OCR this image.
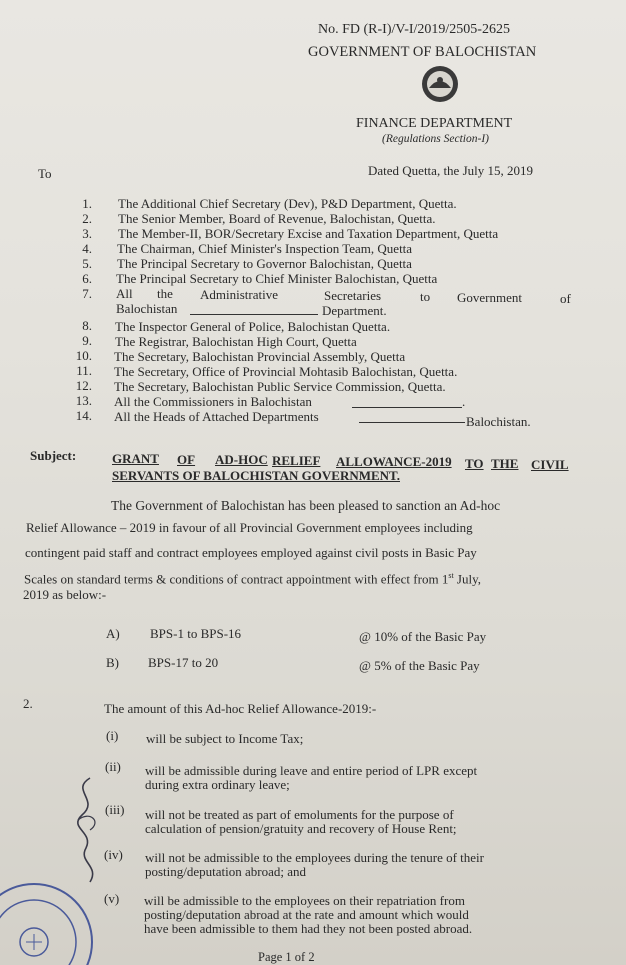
No. FD (R-I)/V-I/2019/2505-2625
GOVERNMENT OF BALOCHISTAN
FINANCE DEPARTMENT
(Regulations Section-I)
To	Dated Quetta, the July 15, 2019
1. The Additional Chief Secretary (Dev), P&D Department, Quetta.
2. The Senior Member, Board of Revenue, Balochistan, Quetta.
3. The Member-II, BOR/Secretary Excise and Taxation Department, Quetta
4. The Chairman, Chief Minister's Inspection Team, Quetta
5. The Principal Secretary to Governor Balochistan, Quetta
6. The Principal Secretary to Chief Minister Balochistan, Quetta
7. All the Administrative	Secretaries	to Government	of
Balochistan	Department.
8. The Inspector General of Police, Balochistan Quetta.
9. The Registrar, Balochistan High Court, Quetta
10. The Secretary, Balochistan Provincial Assembly, Quetta
11. The Secretary, Office of Provincial Mohtasib Balochistan, Quetta.
12. The Secretary, Balochistan Public Service Commission, Quetta.
13. All the Commissioners in Balochistan	.
14. All the Heads of Attached Departments	Balochistan.
Subject:	GRANT OF AD-HOC RELIEF ALLOWANCE-2019 TO THE CIVIL
SERVANTS OF BALOCHISTAN GOVERNMENT.
The Government of Balochistan has been pleased to sanction an Ad-hoc
Relief Allowance – 2019 in favour of all Provincial Government employees including
contingent paid staff and contract employees employed against civil posts in Basic Pay
Scales on standard terms & conditions of contract appointment with effect from 1st July,
2019 as below:-
A) BPS-1 to BPS-16	@ 10% of the Basic Pay
B) BPS-17 to 20	@ 5% of the Basic Pay
2.	The amount of this Ad-hoc Relief Allowance-2019:-
(i) will be subject to Income Tax;
(ii) will be admissible during leave and entire period of LPR except
during extra ordinary leave;
(iii) will not be treated as part of emoluments for the purpose of
calculation of pension/gratuity and recovery of House Rent;
(iv) will not be admissible to the employees during the tenure of their
posting/deputation abroad; and
(v) will be admissible to the employees on their repatriation from
posting/deputation abroad at the rate and amount which would
have been admissible to them had they not been posted abroad.
Page 1 of 2
